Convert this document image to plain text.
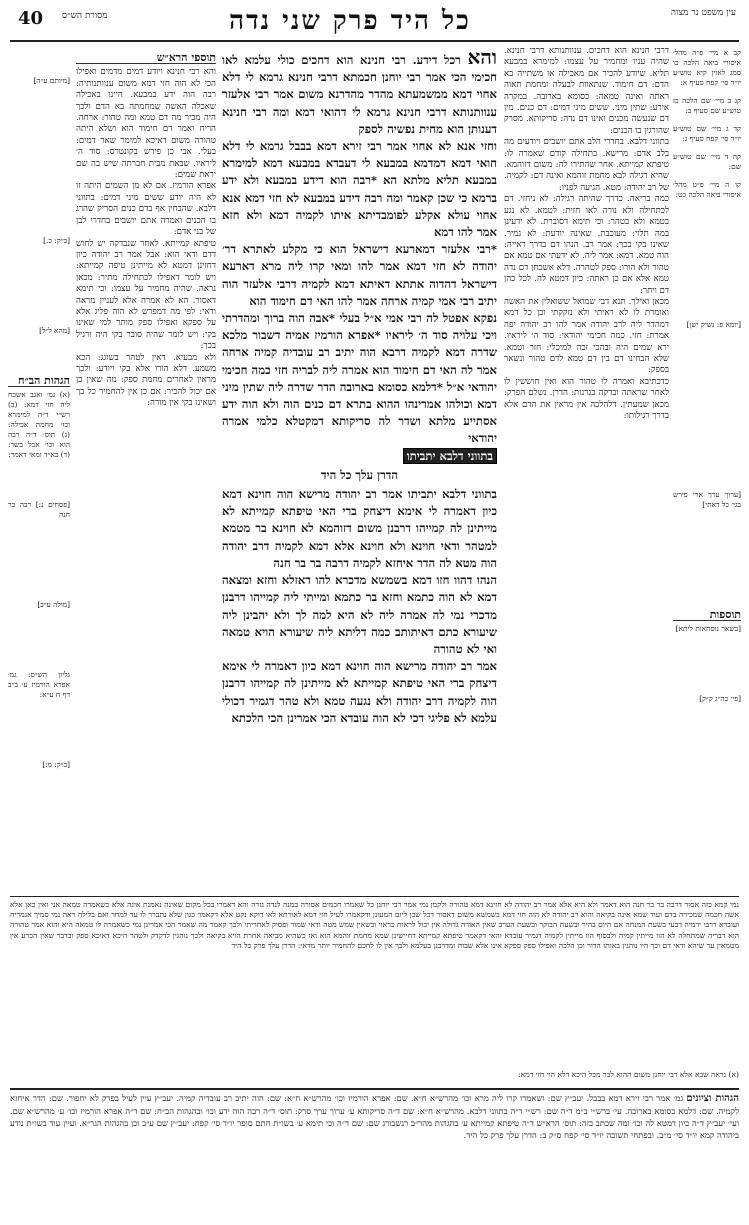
עין משפט נר מצוה
כל היד פרק שני נדה
מסורת הש״ס
40
קב א מיי׳ פ״ה מהל׳ איסורי ביאה הלכה כו סמג לאוין קיא טוש״ע יו״ד סי׳ קפח סעיף א:
קג ב מיי׳ שם הלכה כז טוש״ע שם סעיף ב:
קד ג מיי׳ שם טוש״ע יו״ד סי׳ קפח סעיף ג:
קה ד מיי׳ שם טוש״ע שם:
קו ה מיי׳ פ״ט מהל׳ איסורי ביאה הלכה כט:
[יומא פ: נשיק ישן]
[ערוך ערך ארי פירש בגי׳ כל דאתי]
תוספות
[בשאר נוסחאות ליתא]
[פי׳ כה״ג ק״ק]

דרבי חנינא הוא דחכים. ענוותנותא דרבי חנינא. שהיה עניו ומחמיר על עצמו: למימרא במבעא תליא. שיודע להכיר אם מאכילה או משתייה בא הדם: דם חימוד. שנתאוות לבעלה ומחמת תאוה ראתה ואינה טמאה: כסומא בארובה. במקרה אירע: שתין מיני. ששים מיני דמים: דם כנים. מין דם שנעשה מכנים ואינו דם נדה: סריקותא. מסרק שהורגין בו הכנים:

בתווני דלבא. בחדרי הלב אתם יושבים ויודעים מה בלב אדם: מרישא. בתחילה קודם שאמרה לו: טיפתא קמייתא. אחר שהתירו לה: משום דזוהמא. שהיא רגילה לבא מחמת זוהמא ואינה דם: לקמיה. של רב יהודה: מטא. הגיעה לפניו:

כמה בריאה. כדרך שהיתה רגילה: לא ניחזי. דם לכתחילה ולא נורה לאו חזית: לטמא. לא נגע בטמא ולא בטהר: וכי תימא דסוברת. לא ידעינן במה תלוי: מעוכבת. שאינה יודעת: לא גמיר. שאינו בקי בכך: אמר רב. הנהו דם בדרך ראייה: הוה טמא. דמא: אמר ליה. לא ידעתי אם טמא אם טהור ולא הורו: ספק לטהרה. דלא אשכחן דם נדה טמא אלא אם כן ראתה: כיון דמטא לה. לכל כהן דם ויתר:

מכאן ואילך. תנא דבי שמואל ששואלין את האשה ואומרת לו לא ראיתי ולא נזקקתי וכן כל דמא דמהדר ליה לרב יהודה אמר להו רב יהודה יפה אמרת: חזי. כמה חכימי יהודאי: סוד ה׳ ליראיו. ירא שמים היה ובהכי זכה למיכלי: חזר וטמא. שלא הבחינו דם בין דם טמא לדם טהור ונשאר בספק:

כדכתיבא ואמרה לו טהור הוא ואין חוששין לו לאחר שראתה ובדקה בגרנות: הדרן. נשלם הפרק: מכאן שמעתין. דלהלכה אין מראין את הדם אלא בדרך רגילותו:

והא רכל דידע. רבי חנינא הוא דחכים כולי עלמא לאו חכימי הכי אמר רבי יוחנן חכמתא דרבי חנינא גרמא לי דלא אחוי דמא ממשמעתא מהדר מהדרנא משום אמר רבי אלעזר ענוותנותא דרבי חנינא גרמא לי דהואי דמא ומה רבי חנינא דענותן הוא מחית נפשיה לספק

וחזי אנא לא אחוי אמר רבי זירא דמא בבבל גרמא לי דלא חואי דמא דמדמא במבעא לי דעבדא במבעא דמא למימרא במבעא תליא מלתא הא *רבה הוא דידע במבעא ולא ידע ברמא כי שכן קאמר ומה רבה דידע במבעא לא חזי דמא אנא אחוי עולא אקלע לפומבדיתא איתו לקמיה דמא ולא חזא אמר להו דמא

*רבי אלעזר דמארעא דישראל הוא כי מקלע לאתרא דר׳ יהודה לא חזי דמא אמר להו ומאי קרו ליה מרא דארעא דישראל דהדוה אתתא דאיתא דמא לקמיה דרבי אלעזר הוה יתיב רבי אמי קמיה ארחה אמר להו האי דם חימוד הוא

נפקא אפטל לה רבי אמי א״ל בעלי *אבה הוה ברוך ומהדרתי ויכי עלויה סוד ה׳ ליראיו *אפרא הורמיז אמיה דשבור מלכא שדרה דמא לקמיה דרבא הוה יתיב רב עובדיה קמיה ארחה אמר לה האי דם חימוד הוא אמרה ליה לבריה חזי כמה חכימי יהודאי א״ל *דלמא כסומא בארובה הדר שדרה ליה שתין מיני דמא וכולהו אמרינהו ההוא בתרא דם כנים הוה ולא הוה ידע אסתייע מלתא ושדר לה סריקותא דמקטלא כלמי אמרה יהודאי

בתווני דלבא יתביתו

הדרן עלך כל היד

בתווני דלבא יתביתו אמר רב יהודה מרישא הוה חוינא דמא כיון דאמרה לי אימא דיצחק ברי האי טיפתא קמייתא לא מייתינן לה קמייהו דרבנן משום דזוהמא לא חוינא בר מטמא למטהר ודאי חוינא ולא חוינא אלא דמא לקמיה דרב יהודה הוה מטא לה הדר איחזא לקמיה דרבה בר בר חנה

הנהו דהוו חזו דמא בשמשא מדכרא להו דאזלא וחזא ומצאה דמא לא הוה כתמא וחזא בר כתמא ומייתי ליה קמייהו דרבנן מדכרי נמי לה אמרה ליה לא היא למה לך ולא יהבינן ליה שיעורא כתם דאיתותב כמה דליתא ליה שיעורא הויא טמאה ואי לא טהורה

אמר רב יהודה מרישא הוה חוינא דמא כיון דאמרה לי אימא דיצחק ברי האי טיפתא קמייתא לא מייתינן לה קמייהו דרבנן הוה לקמיה דרב יהודה ולא נגעה טמא ולא טהר דגמיר דכולי עלמא לא פליגי דכי לא הוה עובדא הכי אמרינן הכי הלכתא

תוספי הרא״ש

והא רבי חנינא ויודע דמים מדמים ואפילו הכי לא הוה חזי דמא משום ענוותנותיה: רבה הוה ידע במבעא. היינו באכילה שאכלה האשה שמחמתה בא הדם ולכך היה מכיר מה דם טמא ומה טהור: ארחה. הריח ואמר דם חימוד הוא ושלא היתה טהורה משום דאיכא למימר שאר דמים: בעלי. אבי כן פירש בקונטרס: סוד ה׳ ליראיו. שבאת מבית חברתה שיש בה שם יראת שמים:

אפרא הורמיז. אם לא מן השמים היתה זו לא היה יודע ששים מיני דמים: בתווני דלבא. שהבחין אף בדם כנים הסריק שהרג בו הכנים ואמרה אתם יושבים בחדרי לבן של בני אדם:

טיפתא קמייתא. לאחר שנבדקה יש לחוש דדם ודאי הוא: אבל אמר רב יהודה כיון דחזינן דמטא לא מייתינן טיפה קמייתא: ויש לומר דאפילו לכתחילה מתיר: מכאן נראה. שהיה מחמיר על עצמו: וכי תימא דאסור. הא לא אמרה אלא לעניין מראה ודאי: לפי מה דמפרש לא הוה פליג אלא על ספקא ואפילו ספק מותר למי שאינו בקי: ויש לומר שהיה סובר בקי היה ורגיל בכך:

ולא מבעיא. דאין לטהר בשוגג: הכא משמע. דלא הורו אלא בקי ויודע: ולכך מראין לאחרים מחמת ספק: מה שאין כן אם יכול להכיר: אם כן אין להחמיר כל כך ושאינו בקי אין מורה:

[מיותם ע״ה]
[ב״ק: כ.]
[מהא ל״ל]
הגהות הב״ח
(א) גמ׳ ואגב אשכח ליה חזי דמא: (ב) רש״י ד״ה למימרא וכו׳ מחמת אכילה: (ג) תוס׳ ד״ה רבה הוא וכו׳ אכל בשר: (ד) בא״ד ומאי דאמר:
[פסחים נ:] רבה בר חנה
[מולה ע״ב]
גליון הש״ס: גמ׳ אפרא הורמיז ע׳ ב״ב דף ח ע״א:
[ב״ק: מ:]
נמי קמא כזה אסור דרבה בר בר חנה הוא דאמר ולא היא אלא אמר רב יהודה לא חזינא דמא טהורה ולקמן נמי אמר רבי יוחנן כל שאמרו חכמים אסורה כמנה לנדה גזרה והא דאמרו בכל מקום שאינה נאמנת אינה אלא כשאמרה טמאה אני ואין כאן אלא אשה חכמה שמכירה בדם ועוד שמא אינה בקיאה והוא רב יהודה לא הוה חזי דמא בשמשא משום דאסור דכל שכן ליום המעונן ודקאמרו לעיל חזי דמא לאורתא לאו דוקא נקט אלא דקאמר כגון שלא נתברר לו עד למחר ואם בלילה ראה נמי סמיך אגמריה ועובדא דרבי ירמיה דבעי בשעת המנחה אם היום בהיר ובשעת הבוקר ובשעת הערב שאין האורה גדולה אין יכול לראות כראוי וכשאין שמש מטה ודאי שמור ופסיק לאחריתי ולכך קאמר מה שאמר הכי אמרינן נמי כשאמרה לו טמאה היא והוא אמר טהורה הוא דבריה שמתחלה לא הוו מייתין קמיה ולבסוף הוו מייתין לקמיה דגמיר עובדא והאי דקאמר טיפתא קמייתא דחיישינן שמא מחמת זוהמא הוא ואז כשהיא מביאה אחרת הויא בקיאה ולכך נוהגין לדקדק ולטהר היכא דאיכא ספק ובדבר שאין הכרע אין מטמאין עד שיהא ודאי דם וכך היו נוהגין באותו הדור וכן הלכה ואפילו ספק ספקא אינו אלא שבות ומדרבנן בעלמא ולכך אין לו לחכם להחמיר יותר מדאי: הדרן עלך פרק כל היד
(א) נראה שבא אלא רבי יוחנן משום ההוא לבר מכל היכא דלא הוי חזי דמא:
הגהות וציונים גמ׳ אמר רבי זירא דמא בבבל. יעב״ץ שם: ושאמרו קרו ליה מרא וכו׳ מהרש״א ח״א. שם: אפרא הורמיז וכו׳ מהרש״א ח״א: שם: הוה יתיב רב עובדיה קמיה. יעב״ץ עיין לעיל בפרק לא יחפור. שם: הדר איחזא לקמיה. שם: דלמא כסומא בארובה. עי׳ ברש״י ב״מ ד״ה שם: רש״י ד״ה בתווני דלבא. מהרש״א ח״א: שם ד״ה סריקותא ע׳ ערוך ערך סרק: תוס׳ ד״ה רבה הוה ידע וכו׳ ובהגהות הב״ח: שם ד״ה אפרא הורמיז וכו׳ ע׳ מהרש״א שם. ועי׳ יעב״ץ ד״ה כיון דמטא לה וכו׳ ומה שכתב בזה: תוס׳ הרא״ש ד״ה טיפתא קמייתא ע׳ בהגהות מהר״ב רנשבורג שם: שם ד״ה וכי תימא ע׳ בשו״ת חתם סופר יו״ד סי׳ קפח: יעב״ץ שם ע״ב וכן בהגהות הגר״א. ועיין עוד בשו״ת נודע ביהודה קמא יו״ד סי׳ מ״ב. ובפתחי תשובה יו״ד סי׳ קפח ס״ק ב: הדרן עלך פרק כל היד.
